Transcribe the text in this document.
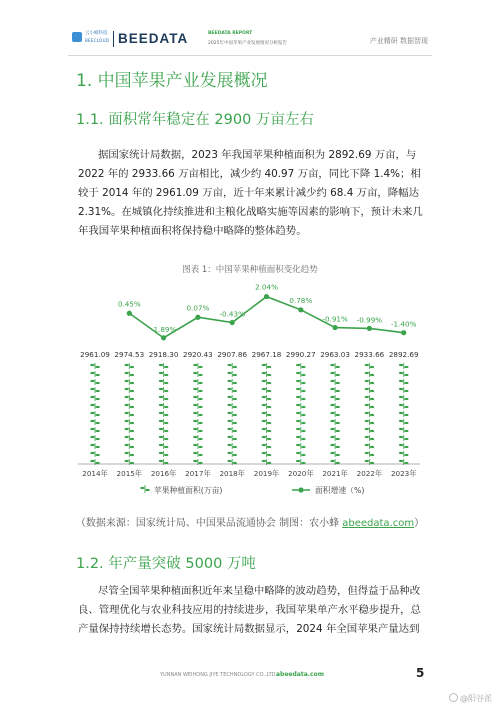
云小蜂科技
BEECLOUD BEEDATA	BEEDATA REPORT
2025年中国苹果产业发展情况分析报告	产业精研 数据智现
1. 中国苹果产业发展概况
1.1. 面积常年稳定在 2900 万亩左右

据国家统计局数据，2023 年我国苹果种植面积为 2892.69 万亩，与 2022 年的 2933.66 万亩相比，减少约 40.97 万亩，同比下降 1.4%；相较于 2014 年的 2961.09 万亩，近十年来累计减少约 68.4 万亩，降幅达 2.31%。在城镇化持续推进和主粮化战略实施等因素的影响下，预计未来几年我国苹果种植面积将保持稳中略降的整体趋势。

图表 1：中国苹果种植面积变化趋势
2961.09
2014年
2974.53
2015年
2918.30
2016年
2920.43
2017年
2907.86
2018年
2967.18
2019年
2990.27
2020年
2963.03
2021年
2933.66
2022年
2892.69
2023年
0.45%
-1.89%
0.07%
-0.43%
2.04%
0.78%
-0.91% -0.99% -1.40%
苹果种植面积(万亩)	面积增速（%)
（数据来源：国家统计局、中国果品流通协会 制图：农小蜂 abeedata.com）
1.2. 年产量突破 5000 万吨

尽管全国苹果种植面积近年来呈稳中略降的波动趋势，但得益于品种改良、管理优化与农业科技应用的持续进步，我国苹果单产水平稳步提升，总产量保持持续增长态势。国家统计局数据显示，2024 年全国苹果产量达到

YUNNAN WEIHONG JIYE TECHNOLOGY CO.,LTD.
abeedata.com	5
@阳谷派
